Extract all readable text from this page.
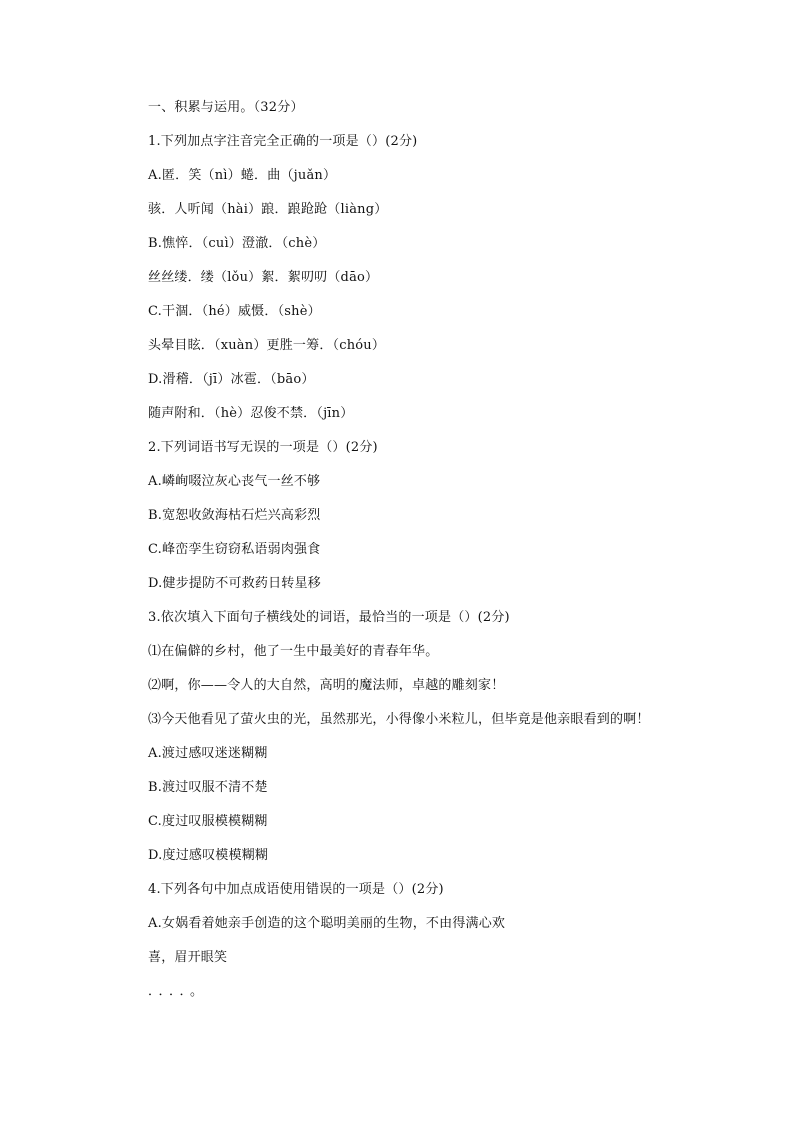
一、积累与运用。（32分）
1.下列加点字注音完全正确的一项是（）(2分)
A.匿．笑（nì）蜷．曲（juǎn）
骇．人听闻（hài）踉．踉跄跄（liàng）
B.憔悴．（cuì）澄澈．（chè）
丝丝缕．缕（lǒu）絮．絮叨叨（dāo）
C.干涸．（hé）威慑．（shè）
头晕目眩．（xuàn）更胜一筹．（chóu）
D.滑稽．（jī）冰雹．（bāo）
随声附和．（hè）忍俊不禁．（jīn）
2.下列词语书写无误的一项是（）(2分)
A.嶙峋啜泣灰心丧气一丝不够
B.宽恕收敛海枯石烂兴高彩烈
C.峰峦孪生窃窃私语弱肉强食
D.健步提防不可救药日转星移
3.依次填入下面句子横线处的词语，最恰当的一项是（）(2分)
⑴在偏僻的乡村，他了一生中最美好的青春年华。
⑵啊，你——令人的大自然，高明的魔法师，卓越的雕刻家！
⑶今天他看见了萤火虫的光，虽然那光，小得像小米粒儿，但毕竟是他亲眼看到的啊！
A.渡过感叹迷迷糊糊
B.渡过叹服不清不楚
C.度过叹服模模糊糊
D.度过感叹模模糊糊
4.下列各句中加点成语使用错误的一项是（）(2分)
A.女娲看着她亲手创造的这个聪明美丽的生物，不由得满心欢
喜，眉开眼笑
．．．．。
